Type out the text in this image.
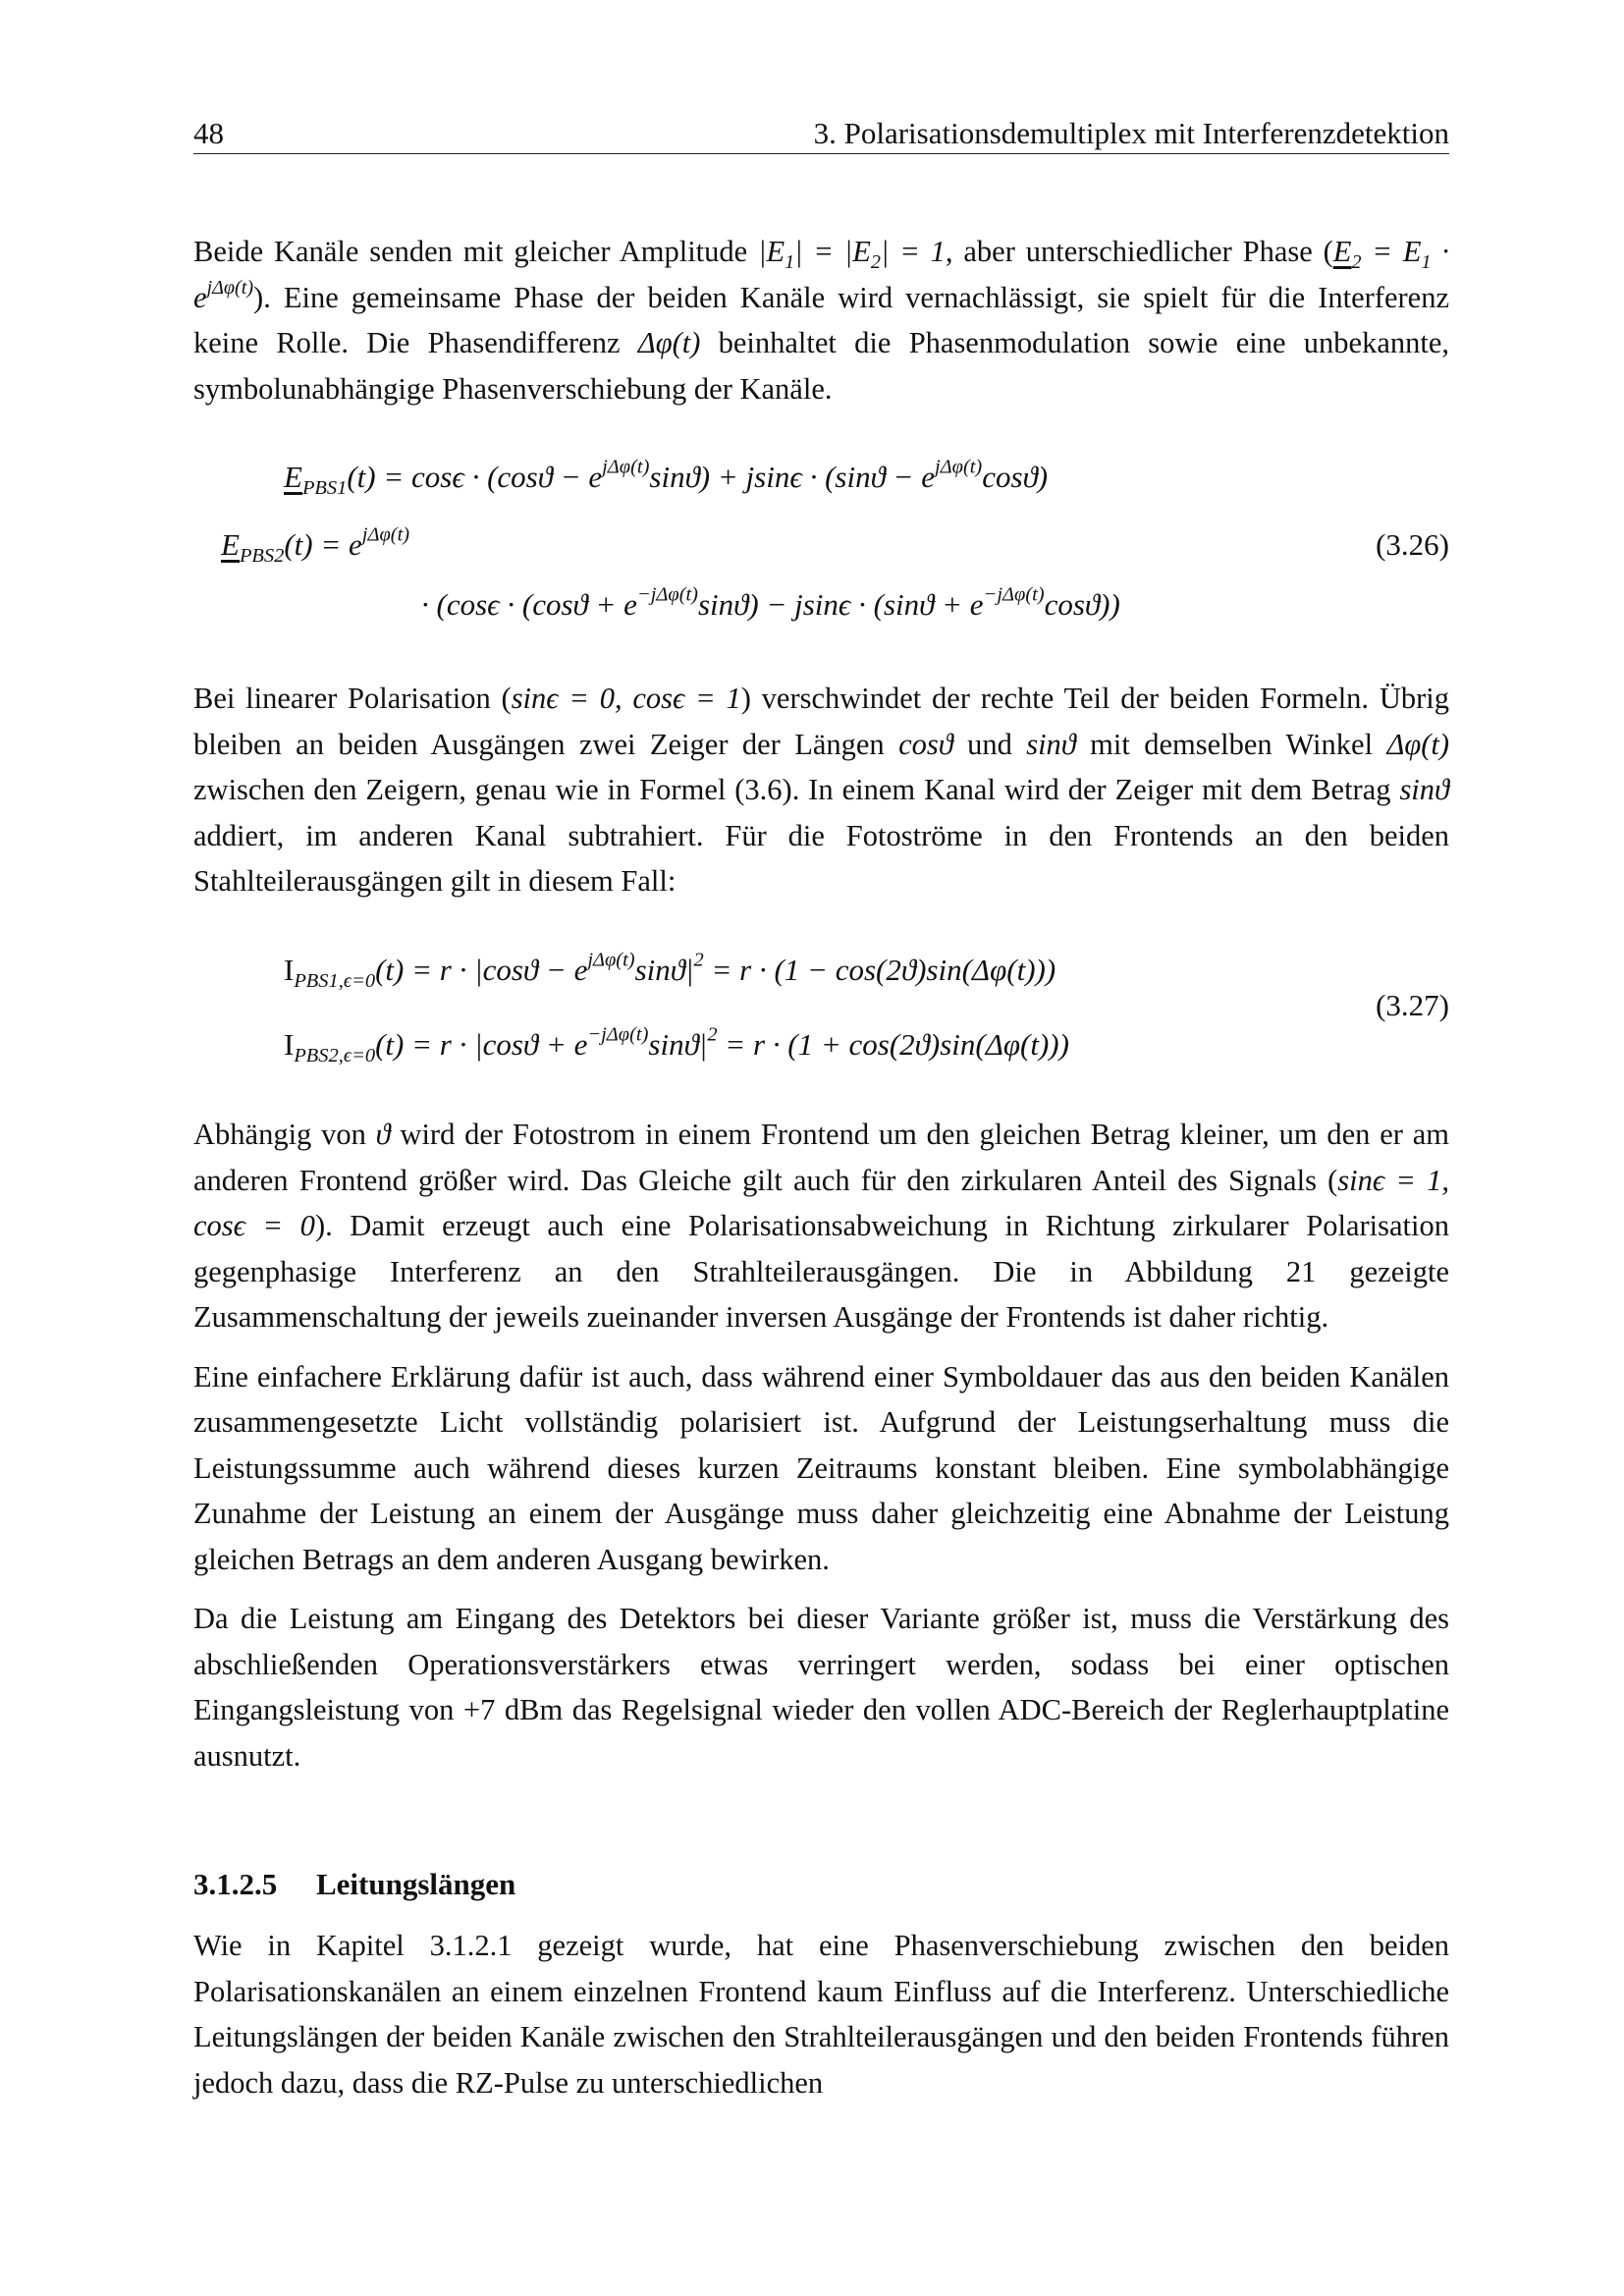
48	3. Polarisationsdemultiplex mit Interferenzdetektion

Beide Kanäle senden mit gleicher Amplitude $|E_1| = |E_2| = 1$, aber unterschiedlicher Phase $(E_2 = E_1 \cdot e^{j\Delta\varphi(t)})$. Eine gemeinsame Phase der beiden Kanäle wird vernachlässigt, sie spielt für die Interferenz keine Rolle. Die Phasendifferenz Δφ(t) beinhaltet die Phasenmodulation sowie eine unbekannte, symbolunabhängige Phasenverschiebung der Kanäle.

$E_{PBS1}(t) = \cos\epsilon \cdot (\cos ϑ - e^{j\Delta\varphi(t)}\sin ϑ) + jsin\epsilon \cdot (\sin ϑ - e^{j\Delta\varphi(t)}\cos ϑ)$
$E_{PBS2}(t) = e^{j\Delta\varphi(t)}$	(3.26)
· $(\cos\epsilon \cdot (\cos ϑ + e^{-j\Delta\varphi(t)}\sin ϑ) - jsin\epsilon \cdot (\sin ϑ + e^{-j\Delta\varphi(t)}\cos ϑ))$

Bei linearer Polarisation (sinϵ = 0, cosϵ = 1) verschwindet der rechte Teil der beiden Formeln. Übrig bleiben an beiden Ausgängen zwei Zeiger der Längen cosϑ und sinϑ mit demselben Winkel Δφ(t) zwischen den Zeigern, genau wie in Formel (3.6). In einem Kanal wird der Zeiger mit dem Betrag sinϑ addiert, im anderen Kanal subtrahiert. Für die Fotoströme in den Frontends an den beiden Stahlteilerausgängen gilt in diesem Fall:

$I_{PBS1,\epsilon=0}(t) = r \cdot |\cos ϑ - e^{j\Delta\varphi(t)}\sin ϑ|^2 = r \cdot (1 - \cos(2ϑ)\sin(\Delta\varphi(t)))$
(3.27)
$I_{PBS2,\epsilon=0}(t) = r \cdot |\cos ϑ + e^{-j\Delta\varphi(t)}\sin ϑ|^2 = r \cdot (1 + \cos(2ϑ)\sin(\Delta\varphi(t)))$

Abhängig von ϑ wird der Fotostrom in einem Frontend um den gleichen Betrag kleiner, um den er am anderen Frontend größer wird. Das Gleiche gilt auch für den zirkularen Anteil des Signals (sinϵ = 1, cosϵ = 0). Damit erzeugt auch eine Polarisationsabweichung in Richtung zirkularer Polarisation gegenphasige Interferenz an den Strahlteilerausgängen. Die in Abbildung 21 gezeigte Zusammenschaltung der jeweils zueinander inversen Ausgänge der Frontends ist daher richtig.

Eine einfachere Erklärung dafür ist auch, dass während einer Symboldauer das aus den beiden Kanälen zusammengesetzte Licht vollständig polarisiert ist. Aufgrund der Leistungserhaltung muss die Leistungssumme auch während dieses kurzen Zeitraums konstant bleiben. Eine symbolabhängige Zunahme der Leistung an einem der Ausgänge muss daher gleichzeitig eine Abnahme der Leistung gleichen Betrags an dem anderen Ausgang bewirken.

Da die Leistung am Eingang des Detektors bei dieser Variante größer ist, muss die Verstärkung des abschließenden Operationsverstärkers etwas verringert werden, sodass bei einer optischen Eingangsleistung von +7 dBm das Regelsignal wieder den vollen ADC-Bereich der Reglerhauptplatine ausnutzt.

3.1.2.5 Leitungslängen

Wie in Kapitel 3.1.2.1 gezeigt wurde, hat eine Phasenverschiebung zwischen den beiden Polarisationskanälen an einem einzelnen Frontend kaum Einfluss auf die Interferenz. Unterschiedliche Leitungslängen der beiden Kanäle zwischen den Strahlteilerausgängen und den beiden Frontends führen jedoch dazu, dass die RZ-Pulse zu unterschiedlichen
